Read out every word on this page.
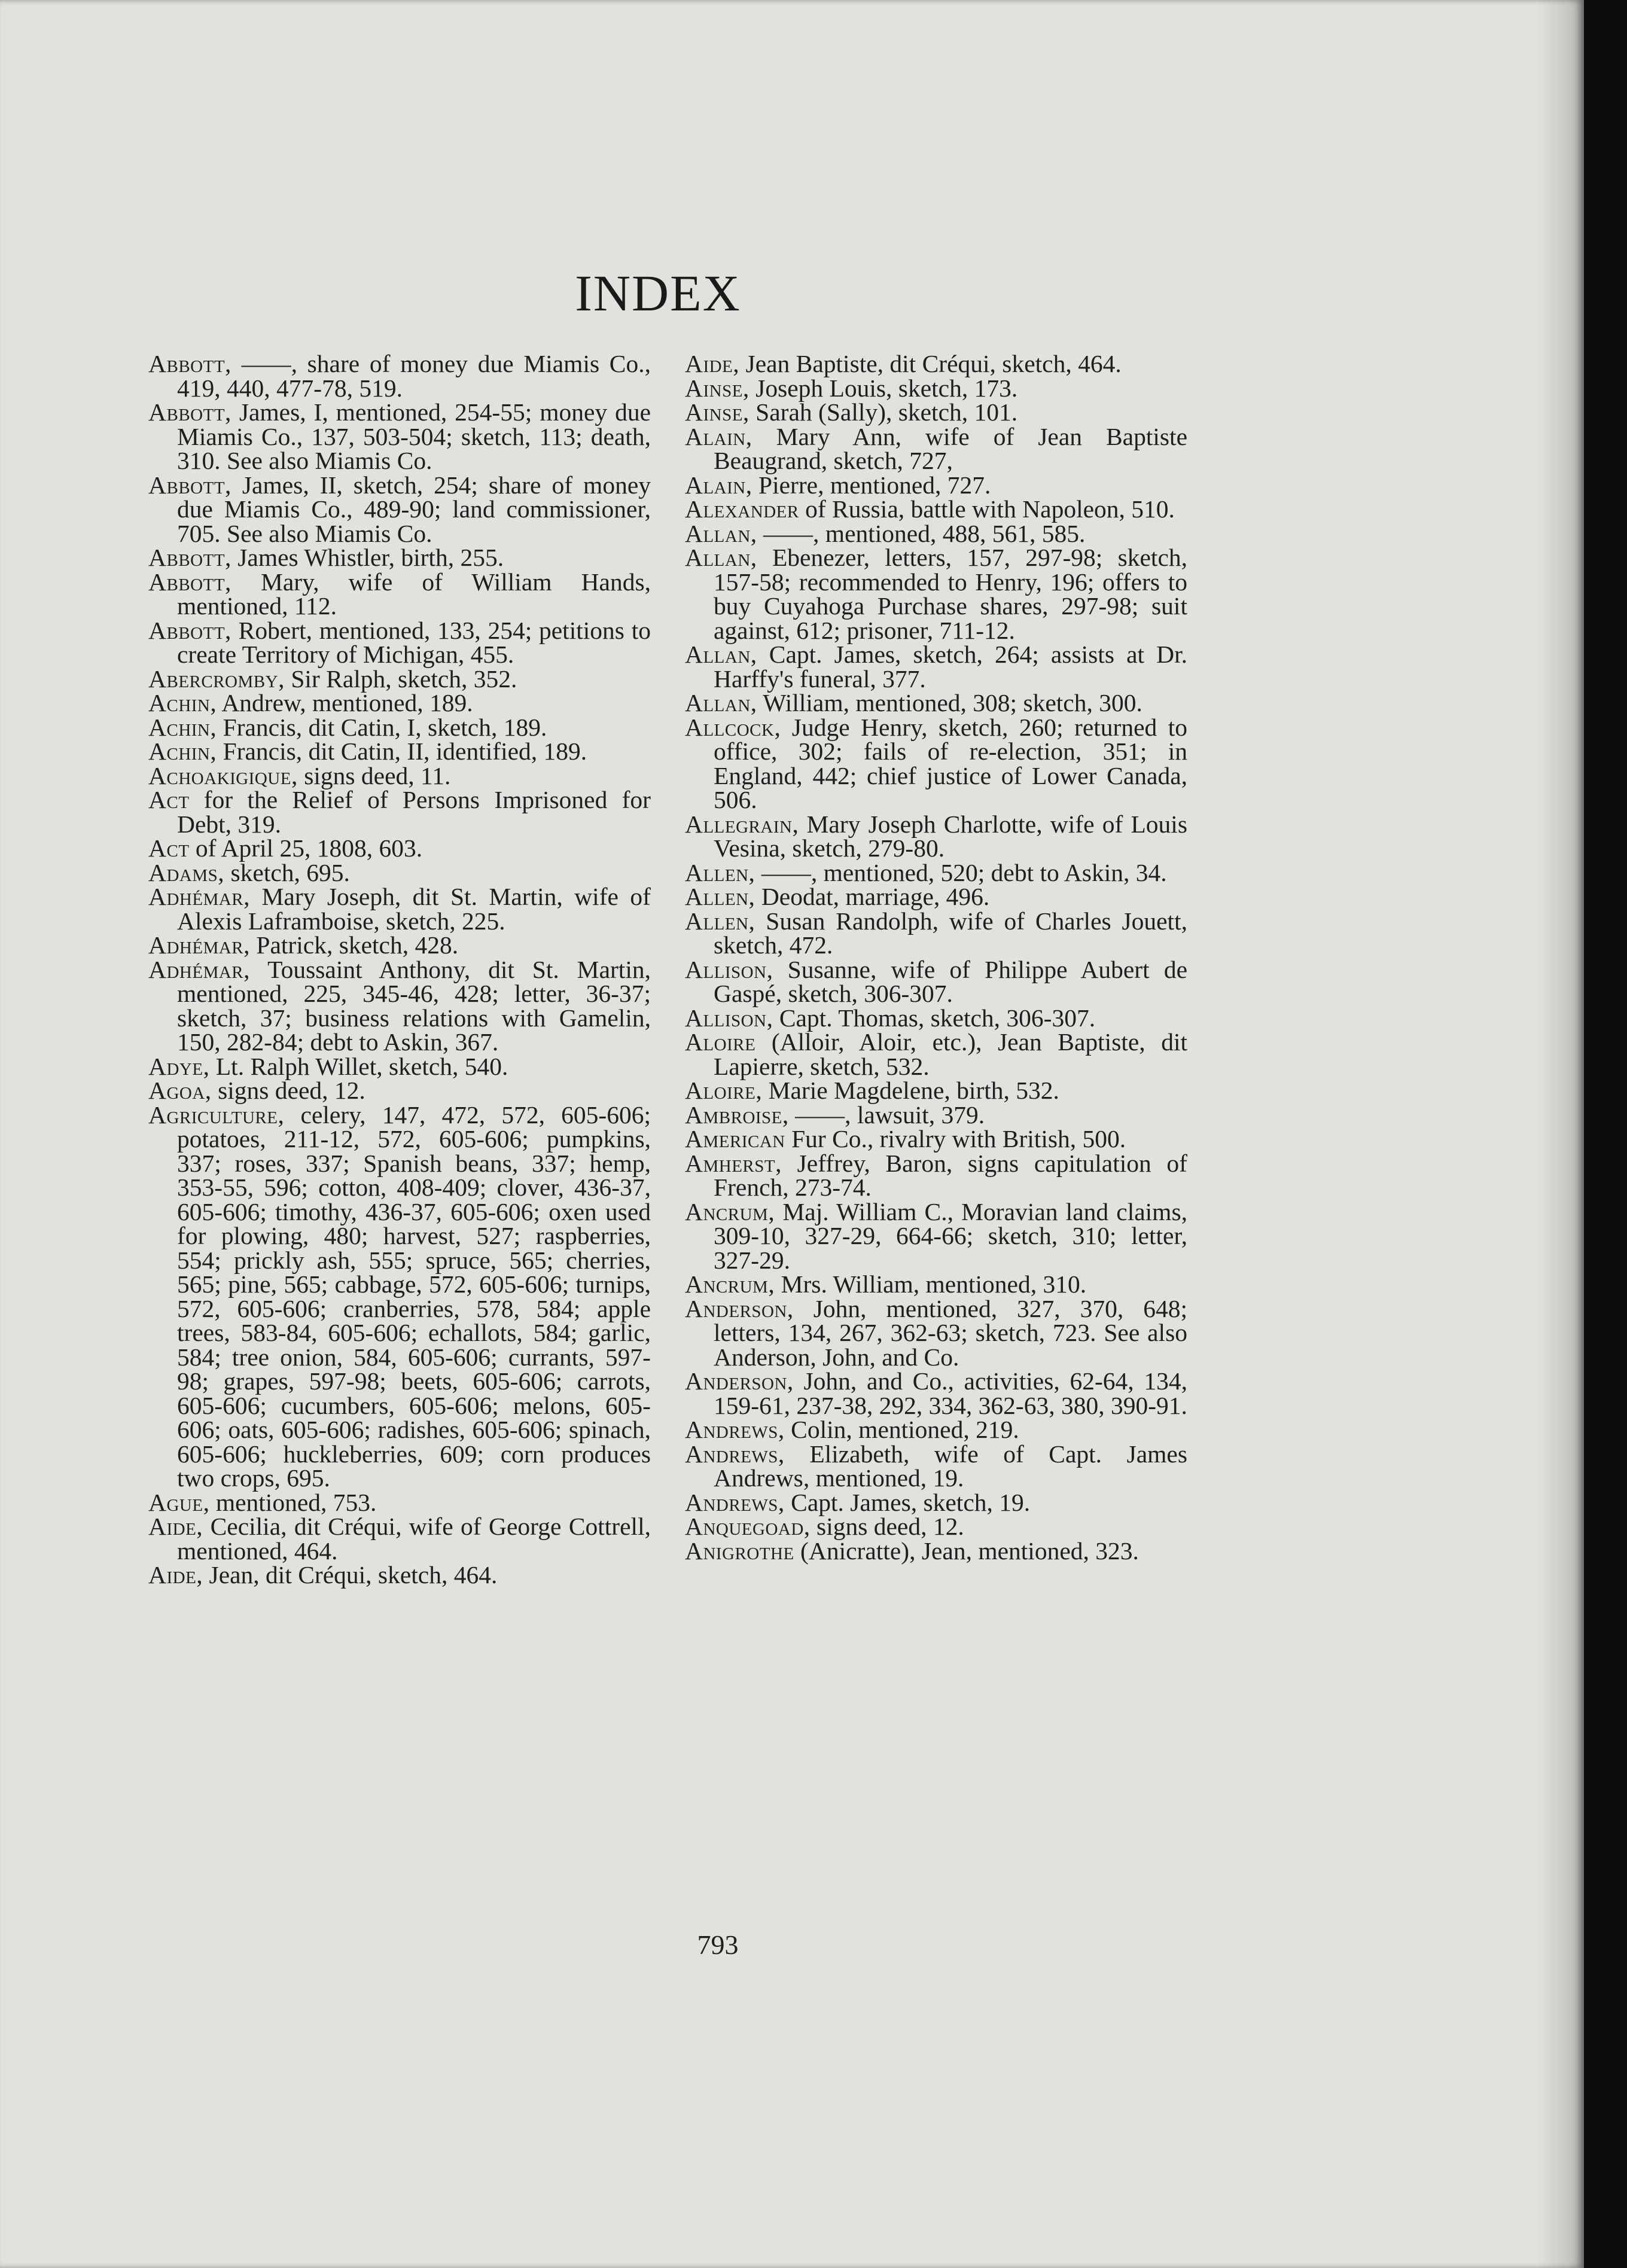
INDEX

Abbott, ——, share of money due Miamis Co., 419, 440, 477-78, 519.

Abbott, James, I, mentioned, 254-55; money due Miamis Co., 137, 503-504; sketch, 113; death, 310. See also Miamis Co.

Abbott, James, II, sketch, 254; share of money due Miamis Co., 489-90; land commissioner, 705. See also Miamis Co.

Abbott, James Whistler, birth, 255.

Abbott, Mary, wife of William Hands, mentioned, 112.

Abbott, Robert, mentioned, 133, 254; petitions to create Territory of Michigan, 455.

Abercromby, Sir Ralph, sketch, 352.

Achin, Andrew, mentioned, 189.

Achin, Francis, dit Catin, I, sketch, 189.

Achin, Francis, dit Catin, II, identified, 189.

Achoakigique, signs deed, 11.

Act for the Relief of Persons Imprisoned for Debt, 319.

Act of April 25, 1808, 603.

Adams, sketch, 695.

Adhémar, Mary Joseph, dit St. Martin, wife of Alexis Laframboise, sketch, 225.

Adhémar, Patrick, sketch, 428.

Adhémar, Toussaint Anthony, dit St. Martin, mentioned, 225, 345-46, 428; letter, 36-37; sketch, 37; business relations with Gamelin, 150, 282-84; debt to Askin, 367.

Adye, Lt. Ralph Willet, sketch, 540.

Agoa, signs deed, 12.

Agriculture, celery, 147, 472, 572, 605-606; potatoes, 211-12, 572, 605-606; pumpkins, 337; roses, 337; Spanish beans, 337; hemp, 353-55, 596; cotton, 408-409; clover, 436-37, 605-606; timothy, 436-37, 605-606; oxen used for plowing, 480; harvest, 527; raspberries, 554; prickly ash, 555; spruce, 565; cherries, 565; pine, 565; cabbage, 572, 605-606; turnips, 572, 605-606; cranberries, 578, 584; apple trees, 583-84, 605-606; echallots, 584; garlic, 584; tree onion, 584, 605-606; currants, 597-98; grapes, 597-98; beets, 605-606; carrots, 605-606; cucumbers, 605-606; melons, 605-606; oats, 605-606; radishes, 605-606; spinach, 605-606; huckleberries, 609; corn produces two crops, 695.

Ague, mentioned, 753.

Aide, Cecilia, dit Créqui, wife of George Cottrell, mentioned, 464.

Aide, Jean, dit Créqui, sketch, 464.

Aide, Jean Baptiste, dit Créqui, sketch, 464.

Ainse, Joseph Louis, sketch, 173.

Ainse, Sarah (Sally), sketch, 101.

Alain, Mary Ann, wife of Jean Baptiste Beaugrand, sketch, 727,

Alain, Pierre, mentioned, 727.

Alexander of Russia, battle with Napoleon, 510.

Allan, ——, mentioned, 488, 561, 585.

Allan, Ebenezer, letters, 157, 297-98; sketch, 157-58; recommended to Henry, 196; offers to buy Cuyahoga Purchase shares, 297-98; suit against, 612; prisoner, 711-12.

Allan, Capt. James, sketch, 264; assists at Dr. Harffy's funeral, 377.

Allan, William, mentioned, 308; sketch, 300.

Allcock, Judge Henry, sketch, 260; returned to office, 302; fails of re-election, 351; in England, 442; chief justice of Lower Canada, 506.

Allegrain, Mary Joseph Charlotte, wife of Louis Vesina, sketch, 279-80.

Allen, ——, mentioned, 520; debt to Askin, 34.

Allen, Deodat, marriage, 496.

Allen, Susan Randolph, wife of Charles Jouett, sketch, 472.

Allison, Susanne, wife of Philippe Aubert de Gaspé, sketch, 306-307.

Allison, Capt. Thomas, sketch, 306-307.

Aloire (Alloir, Aloir, etc.), Jean Baptiste, dit Lapierre, sketch, 532.

Aloire, Marie Magdelene, birth, 532.

Ambroise, ——, lawsuit, 379.

American Fur Co., rivalry with British, 500.

Amherst, Jeffrey, Baron, signs capitulation of French, 273-74.

Ancrum, Maj. William C., Moravian land claims, 309-10, 327-29, 664-66; sketch, 310; letter, 327-29.

Ancrum, Mrs. William, mentioned, 310.

Anderson, John, mentioned, 327, 370, 648; letters, 134, 267, 362-63; sketch, 723. See also Anderson, John, and Co.

Anderson, John, and Co., activities, 62-64, 134, 159-61, 237-38, 292, 334, 362-63, 380, 390-91.

Andrews, Colin, mentioned, 219.

Andrews, Elizabeth, wife of Capt. James Andrews, mentioned, 19.

Andrews, Capt. James, sketch, 19.

Anquegoad, signs deed, 12.

Anigrothe (Anicratte), Jean, mentioned, 323.

793
